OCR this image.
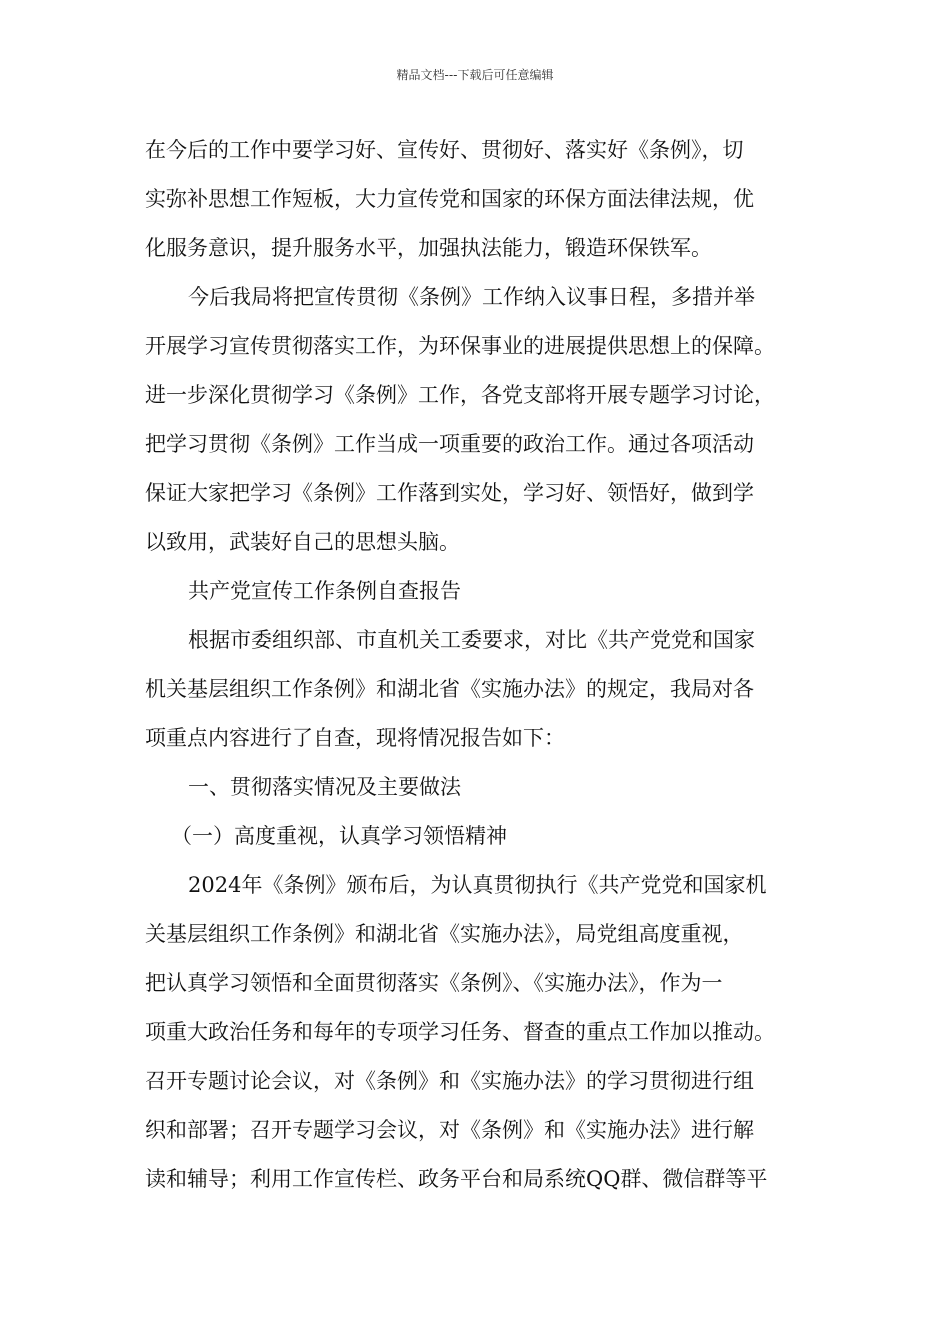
精品文档---下载后可任意编辑
在今后的工作中要学习好、宣传好、贯彻好、落实好《条例》，切
实弥补思想工作短板，大力宣传党和国家的环保方面法律法规，优
化服务意识，提升服务水平，加强执法能力，锻造环保铁军。
今后我局将把宣传贯彻《条例》工作纳入议事日程，多措并举
开展学习宣传贯彻落实工作，为环保事业的进展提供思想上的保障。
进一步深化贯彻学习《条例》工作，各党支部将开展专题学习讨论，
把学习贯彻《条例》工作当成一项重要的政治工作。通过各项活动
保证大家把学习《条例》工作落到实处，学习好、领悟好，做到学
以致用，武装好自己的思想头脑。
共产党宣传工作条例自查报告
根据市委组织部、市直机关工委要求，对比《共产党党和国家
机关基层组织工作条例》和湖北省《实施办法》的规定，我局对各
项重点内容进行了自查，现将情况报告如下：
一、贯彻落实情况及主要做法
（一）高度重视，认真学习领悟精神
2024年《条例》颁布后，为认真贯彻执行《共产党党和国家机
关基层组织工作条例》和湖北省《实施办法》，局党组高度重视，
把认真学习领悟和全面贯彻落实《条例》、《实施办法》，作为一
项重大政治任务和每年的专项学习任务、督查的重点工作加以推动。
召开专题讨论会议，对《条例》和《实施办法》的学习贯彻进行组
织和部署；召开专题学习会议，对《条例》和《实施办法》进行解
读和辅导；利用工作宣传栏、政务平台和局系统QQ群、微信群等平
